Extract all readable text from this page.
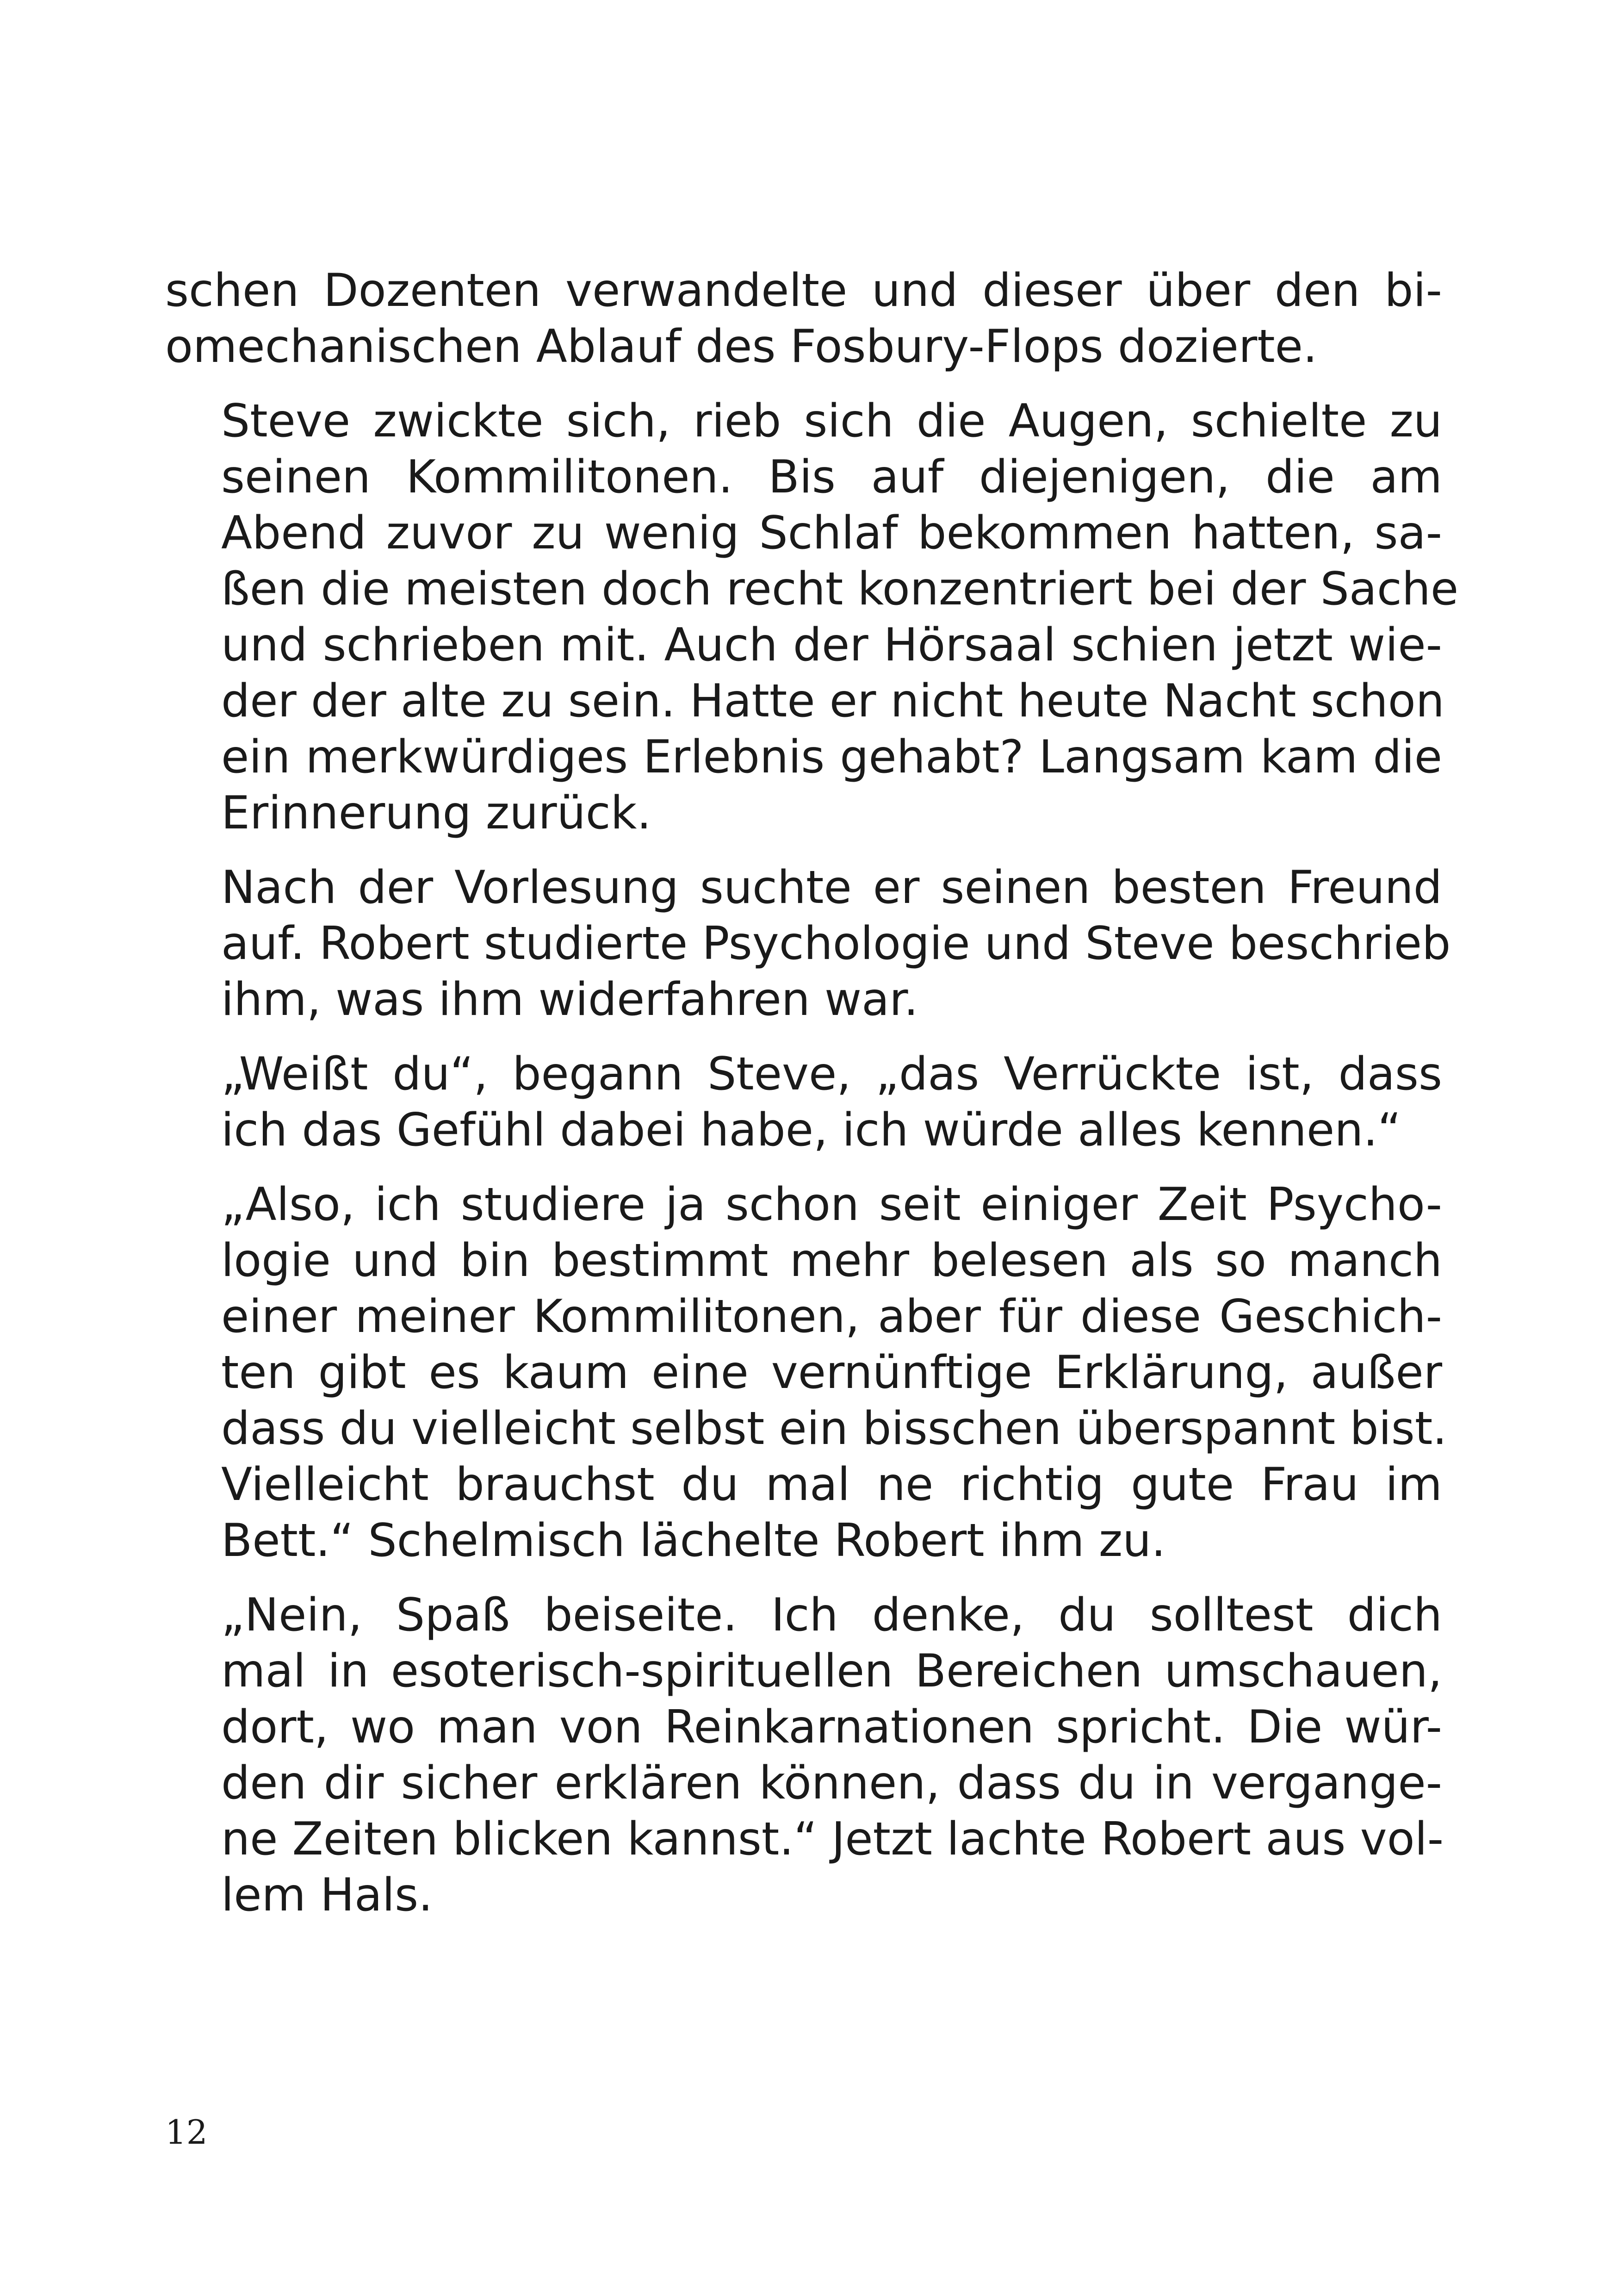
schen Dozenten verwandelte und dieser über den bi-
omechanischen Ablauf des Fosbury-Flops dozierte.
Steve zwickte sich, rieb sich die Augen, schielte zu
seinen Kommilitonen. Bis auf diejenigen, die am
Abend zuvor zu wenig Schlaf bekommen hatten, sa-
ßen die meisten doch recht konzentriert bei der Sache
und schrieben mit. Auch der Hörsaal schien jetzt wie-
der der alte zu sein. Hatte er nicht heute Nacht schon
ein merkwürdiges Erlebnis gehabt? Langsam kam die
Erinnerung zurück.
Nach der Vorlesung suchte er seinen besten Freund
auf. Robert studierte Psychologie und Steve beschrieb
ihm, was ihm widerfahren war.
„Weißt du“, begann Steve, „das Verrückte ist, dass
ich das Gefühl dabei habe, ich würde alles kennen.“
„Also, ich studiere ja schon seit einiger Zeit Psycho-
logie und bin bestimmt mehr belesen als so manch
einer meiner Kommilitonen, aber für diese Geschich-
ten gibt es kaum eine vernünftige Erklärung, außer
dass du vielleicht selbst ein bisschen überspannt bist.
Vielleicht brauchst du mal ne richtig gute Frau im
Bett.“ Schelmisch lächelte Robert ihm zu.
„Nein, Spaß beiseite. Ich denke, du solltest dich
mal in esoterisch-spirituellen Bereichen umschauen,
dort, wo man von Reinkarnationen spricht. Die wür-
den dir sicher erklären können, dass du in vergange-
ne Zeiten blicken kannst.“ Jetzt lachte Robert aus vol-
lem Hals.
12
